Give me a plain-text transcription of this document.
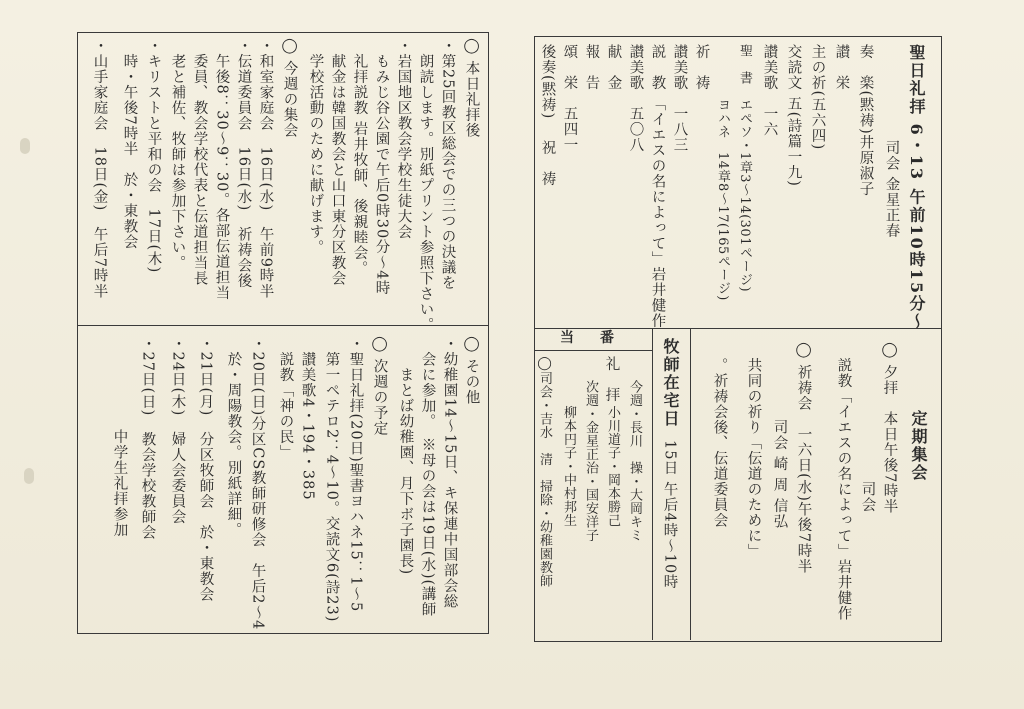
◯ 本日礼拝後
・第25回教区総会での三つの決議を
　朗読します。別紙プリント参照下さい。
・岩国地区教会学校生徒大会
　もみじ谷公園で午后0時30分〜4時
　礼拝説教 岩井牧師、後親睦会。
　献金は韓国教会と山口東分区教会
　学校活動のために献げます。
◯ 今週の集会
・和室家庭会　16日(水)　午前9時半
・伝道委員会　16日(水)　祈祷会後
　午後8：30〜9：30。各部伝道担当
　委員、教会学校代表と伝道担当長
　老と補佐、牧師は参加下さい。
・キリストと平和の会　17日(木)
　時・午後7時半　於・東教会
・山手家庭会　18日(金)　午后7時半
◯ その他
・幼稚園14〜15日、キ保連中国部会総
　会に参加。　※母の会は19日(水)(講師
　　まとば幼稚園、月下ボ子園長)
◯ 次週の予定
・聖日礼拝(20日)聖書ヨハネ15：1〜5
　第一ペテロ2：4〜10。交読文6(詩23)
　讃美歌4・194・385
　説教「神の民」
・20日(日)分区CS教師研修会　午后2〜4
　於・周陽教会。別紙詳細。
・21日(月)　分区牧師会　於・東教会
・24日(木)　婦人会委員会
・27日(日)　教会学校教師会
　　　　　　中学生礼拝参加
聖日礼拝 6・13 午前10時15分〜
司会 金星正春
奏　楽(黙祷)井原淑子
讃　栄
主の祈(五六四)
交読文 五(詩篇一九)
讃美歌　一六
聖　書　エペソ・1章3〜14(301ページ)
　　　　ヨハネ　14章8〜17(165ページ)
祈　祷
讃美歌　一八三
説　教 「イエスの名によって」岩井健作
讃美歌　五〇八
献　金
報　告
頌　栄　五四一
祝　祷
後奏(黙祷)
定期集会
◯ 夕拝　本日午後7時半
　　　　　　　　　司会
　説教「イエスの名によって」岩井健作
◯ 祈祷会　一六日(水)午後7時半
　　　　　司会 崎 周 信弘
　共同の祈り「伝道のために」
　。祈祷会後、伝道委員会
牧師在宅日
15日 午后4時〜10時
当　番
礼　拝
今週・長川　操・大岡キミ
　小川道子・岡本勝己
次週・金星正治・国安洋子
　柳本円子・中村邦生
◯司会・吉水　清　掃除・幼稚園教師
